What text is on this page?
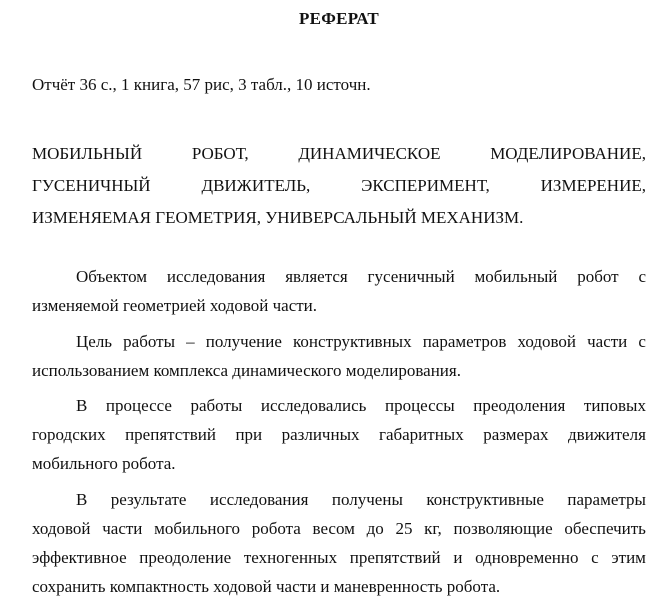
РЕФЕРАТ
Отчёт 36 с., 1 книга, 57 рис, 3 табл., 10 источн.
МОБИЛЬНЫЙ	РОБОТ,	ДИНАМИЧЕСКОЕ	МОДЕЛИРОВАНИЕ,
ГУСЕНИЧНЫЙ	ДВИЖИТЕЛЬ,	ЭКСПЕРИМЕНТ,	ИЗМЕРЕНИЕ,
ИЗМЕНЯЕМАЯ ГЕОМЕТРИЯ, УНИВЕРСАЛЬНЫЙ МЕХАНИЗМ.
Объектом исследования является гусеничный мобильный робот с
изменяемой геометрией ходовой части.
Цель работы – получение конструктивных параметров ходовой части с
использованием комплекса динамического моделирования.
В процессе работы исследовались процессы преодоления типовых
городских препятствий при различных габаритных размерах движителя
мобильного робота.
В результате исследования получены конструктивные параметры
ходовой части мобильного робота весом до 25 кг, позволяющие обеспечить
эффективное преодоление техногенных препятствий и одновременно с этим
сохранить компактность ходовой части и маневренность робота.
